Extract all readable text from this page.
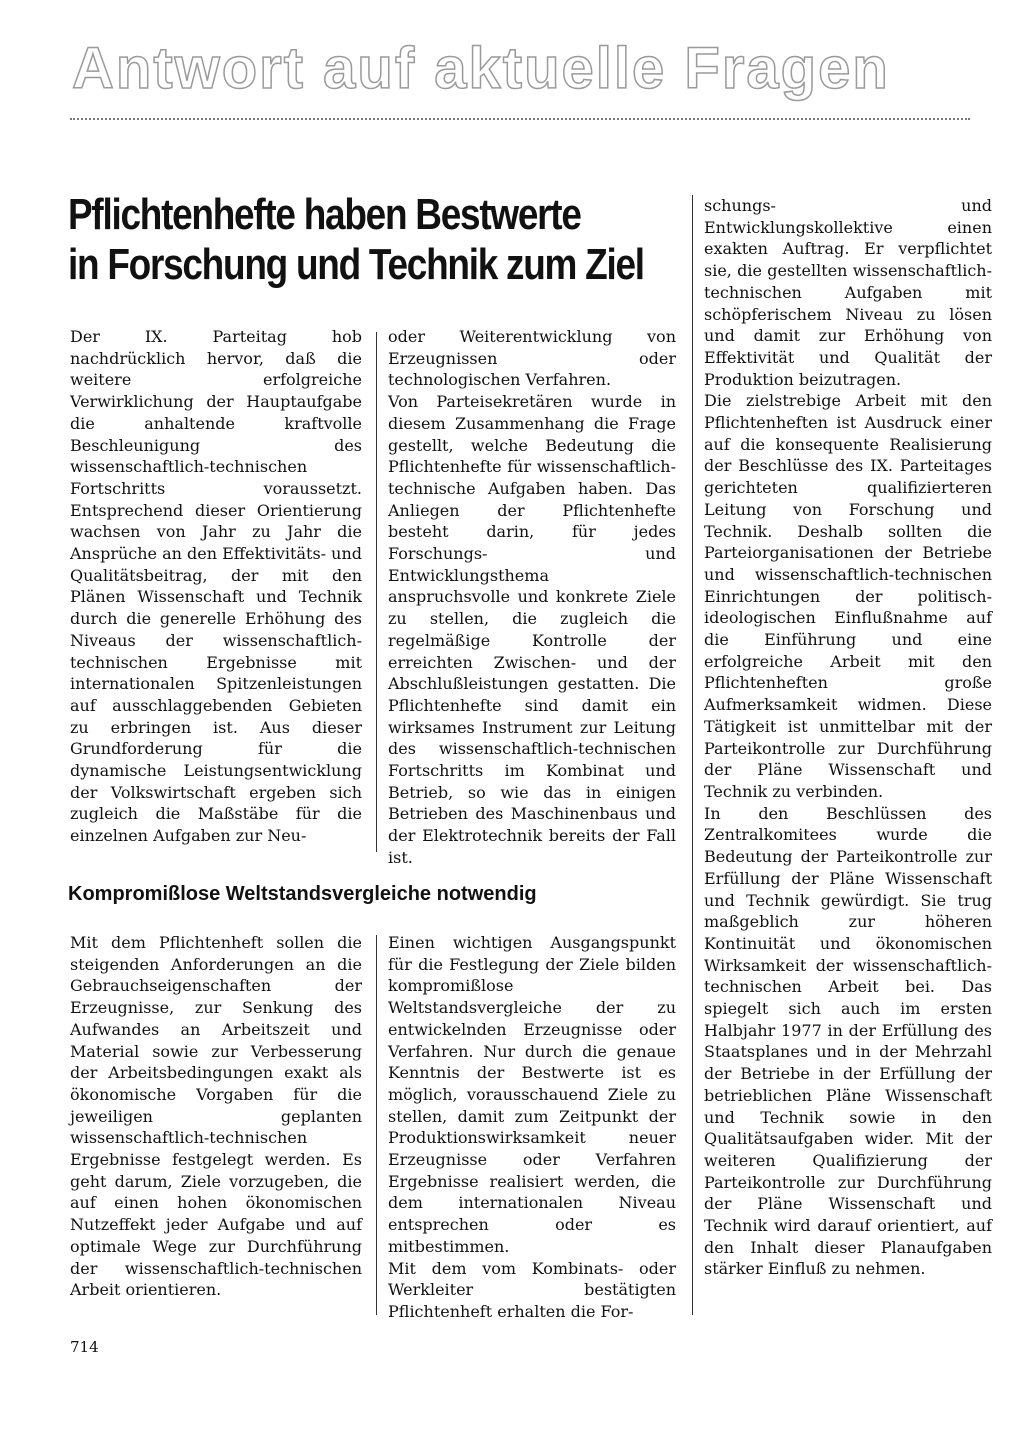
Antwort auf aktuelle Fragen
Pflichtenhefte haben Bestwerte
in Forschung und Technik zum Ziel

Der IX. Parteitag hob nachdrücklich hervor, daß die weitere erfolgreiche Verwirklichung der Hauptaufgabe die anhaltende kraftvolle Beschleunigung des wissenschaftlich-technischen Fortschritts voraussetzt. Entsprechend dieser Orientierung wachsen von Jahr zu Jahr die Ansprüche an den Effektivitäts- und Qualitätsbeitrag, der mit den Plänen Wissenschaft und Technik durch die generelle Erhöhung des Niveaus der wissenschaftlich-technischen Ergebnisse mit internationalen Spitzenleistungen auf ausschlaggebenden Gebieten zu erbringen ist. Aus dieser Grundforderung für die dynamische Leistungsentwicklung der Volkswirtschaft ergeben sich zugleich die Maßstäbe für die einzelnen Aufgaben zur Neu-

oder Weiterentwicklung von Erzeugnissen oder technologischen Verfahren.

Von Parteisekretären wurde in diesem Zusammenhang die Frage gestellt, welche Bedeutung die Pflichtenhefte für wissenschaftlich-technische Aufgaben haben. Das Anliegen der Pflichtenhefte besteht darin, für jedes Forschungs- und Entwicklungsthema anspruchsvolle und konkrete Ziele zu stellen, die zugleich die regelmäßige Kontrolle der erreichten Zwischen- und der Abschlußleistungen gestatten. Die Pflichtenhefte sind damit ein wirksames Instrument zur Leitung des wissenschaftlich-technischen Fortschritts im Kombinat und Betrieb, so wie das in einigen Betrieben des Maschinenbaus und der Elektrotechnik bereits der Fall ist.

Kompromißlose Weltstandsvergleiche notwendig

Mit dem Pflichtenheft sollen die steigenden Anforderungen an die Gebrauchseigenschaften der Erzeugnisse, zur Senkung des Aufwandes an Arbeitszeit und Material sowie zur Verbesserung der Arbeitsbedingungen exakt als ökonomische Vorgaben für die jeweiligen geplanten wissenschaftlich-technischen Ergebnisse festgelegt werden. Es geht darum, Ziele vorzugeben, die auf einen hohen ökonomischen Nutzeffekt jeder Aufgabe und auf optimale Wege zur Durchführung der wissenschaftlich-technischen Arbeit orientieren.

Einen wichtigen Ausgangspunkt für die Festlegung der Ziele bilden kompromißlose Weltstandsvergleiche der zu entwickelnden Erzeugnisse oder Verfahren. Nur durch die genaue Kenntnis der Bestwerte ist es möglich, vorausschauend Ziele zu stellen, damit zum Zeitpunkt der Produktionswirksamkeit neuer Erzeugnisse oder Verfahren Ergebnisse realisiert werden, die dem internationalen Niveau entsprechen oder es mitbestimmen.

Mit dem vom Kombinats- oder Werkleiter bestätigten Pflichtenheft erhalten die For-

schungs- und Entwicklungskollektive einen exakten Auftrag. Er verpflichtet sie, die gestellten wissenschaftlich-technischen Aufgaben mit schöpferischem Niveau zu lösen und damit zur Erhöhung von Effektivität und Qualität der Produktion beizutragen.

Die zielstrebige Arbeit mit den Pflichtenheften ist Ausdruck einer auf die konsequente Realisierung der Beschlüsse des IX. Parteitages gerichteten qualifizierteren Leitung von Forschung und Technik. Deshalb sollten die Parteiorganisationen der Betriebe und wissenschaftlich-technischen Einrichtungen der politisch-ideologischen Einflußnahme auf die Einführung und eine erfolgreiche Arbeit mit den Pflichtenheften große Aufmerksamkeit widmen. Diese Tätigkeit ist unmittelbar mit der Parteikontrolle zur Durchführung der Pläne Wissenschaft und Technik zu verbinden.

In den Beschlüssen des Zentralkomitees wurde die Bedeutung der Parteikontrolle zur Erfüllung der Pläne Wissenschaft und Technik gewürdigt. Sie trug maßgeblich zur höheren Kontinuität und ökonomischen Wirksamkeit der wissenschaftlich-technischen Arbeit bei. Das spiegelt sich auch im ersten Halbjahr 1977 in der Erfüllung des Staatsplanes und in der Mehrzahl der Betriebe in der Erfüllung der betrieblichen Pläne Wissenschaft und Technik sowie in den Qualitätsaufgaben wider. Mit der weiteren Qualifizierung der Parteikontrolle zur Durchführung der Pläne Wissenschaft und Technik wird darauf orientiert, auf den Inhalt dieser Planaufgaben stärker Einfluß zu nehmen.

714
